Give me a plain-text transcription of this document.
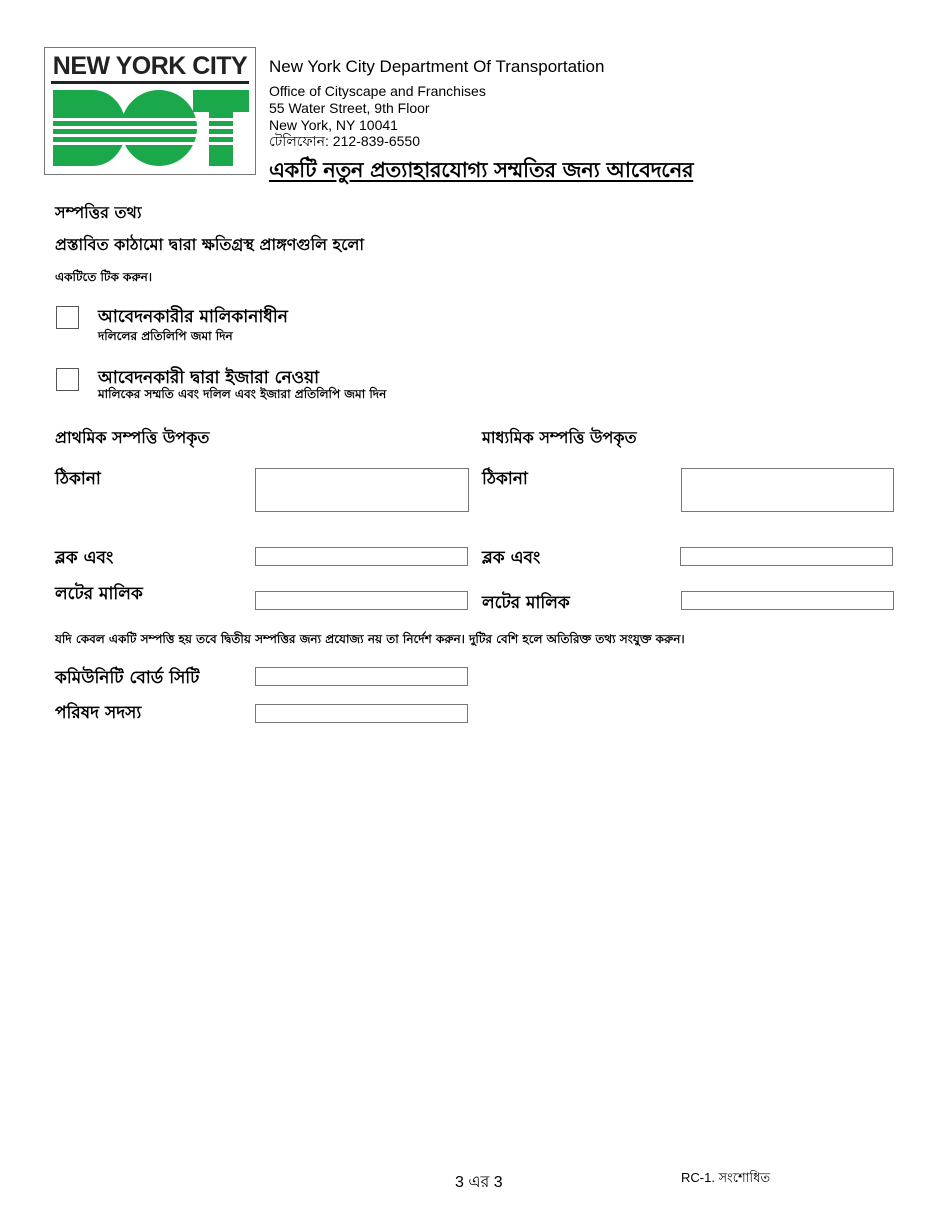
NEW YORK CITY	New York City Department Of Transportation
Office of Cityscape and Franchises
55 Water Street, 9th Floor
New York, NY 10041
টেলিফোন: 212-839-6550
একটি নতুন প্রত্যাহারযোগ্য সম্মতির জন্য আবেদনের
সম্পত্তির তথ্য
প্রস্তাবিত কাঠামো দ্বারা ক্ষতিগ্রস্থ প্রাঙ্গণগুলি হলো
একটিতে টিক করুন।
আবেদনকারীর মালিকানাধীন
দলিলের প্রতিলিপি জমা দিন
আবেদনকারী দ্বারা ইজারা নেওয়া
মালিকের সম্মতি এবং দলিল এবং ইজারা প্রতিলিপি জমা দিন
প্রাথমিক সম্পত্তি উপকৃত
ঠিকানা
ব্লক এবং
লটের মালিক
মাধ্যমিক সম্পত্তি উপকৃত
ঠিকানা
ব্লক এবং
লটের মালিক
যদি কেবল একটি সম্পত্তি হয় তবে দ্বিতীয় সম্পত্তির জন্য প্রযোজ্য নয় তা নির্দেশ করুন। দুটির বেশি হলে অতিরিক্ত তথ্য সংযুক্ত করুন।
কমিউনিটি বোর্ড সিটি
পরিষদ সদস্য
3 এর 3	RC-1. সংশোধিত
